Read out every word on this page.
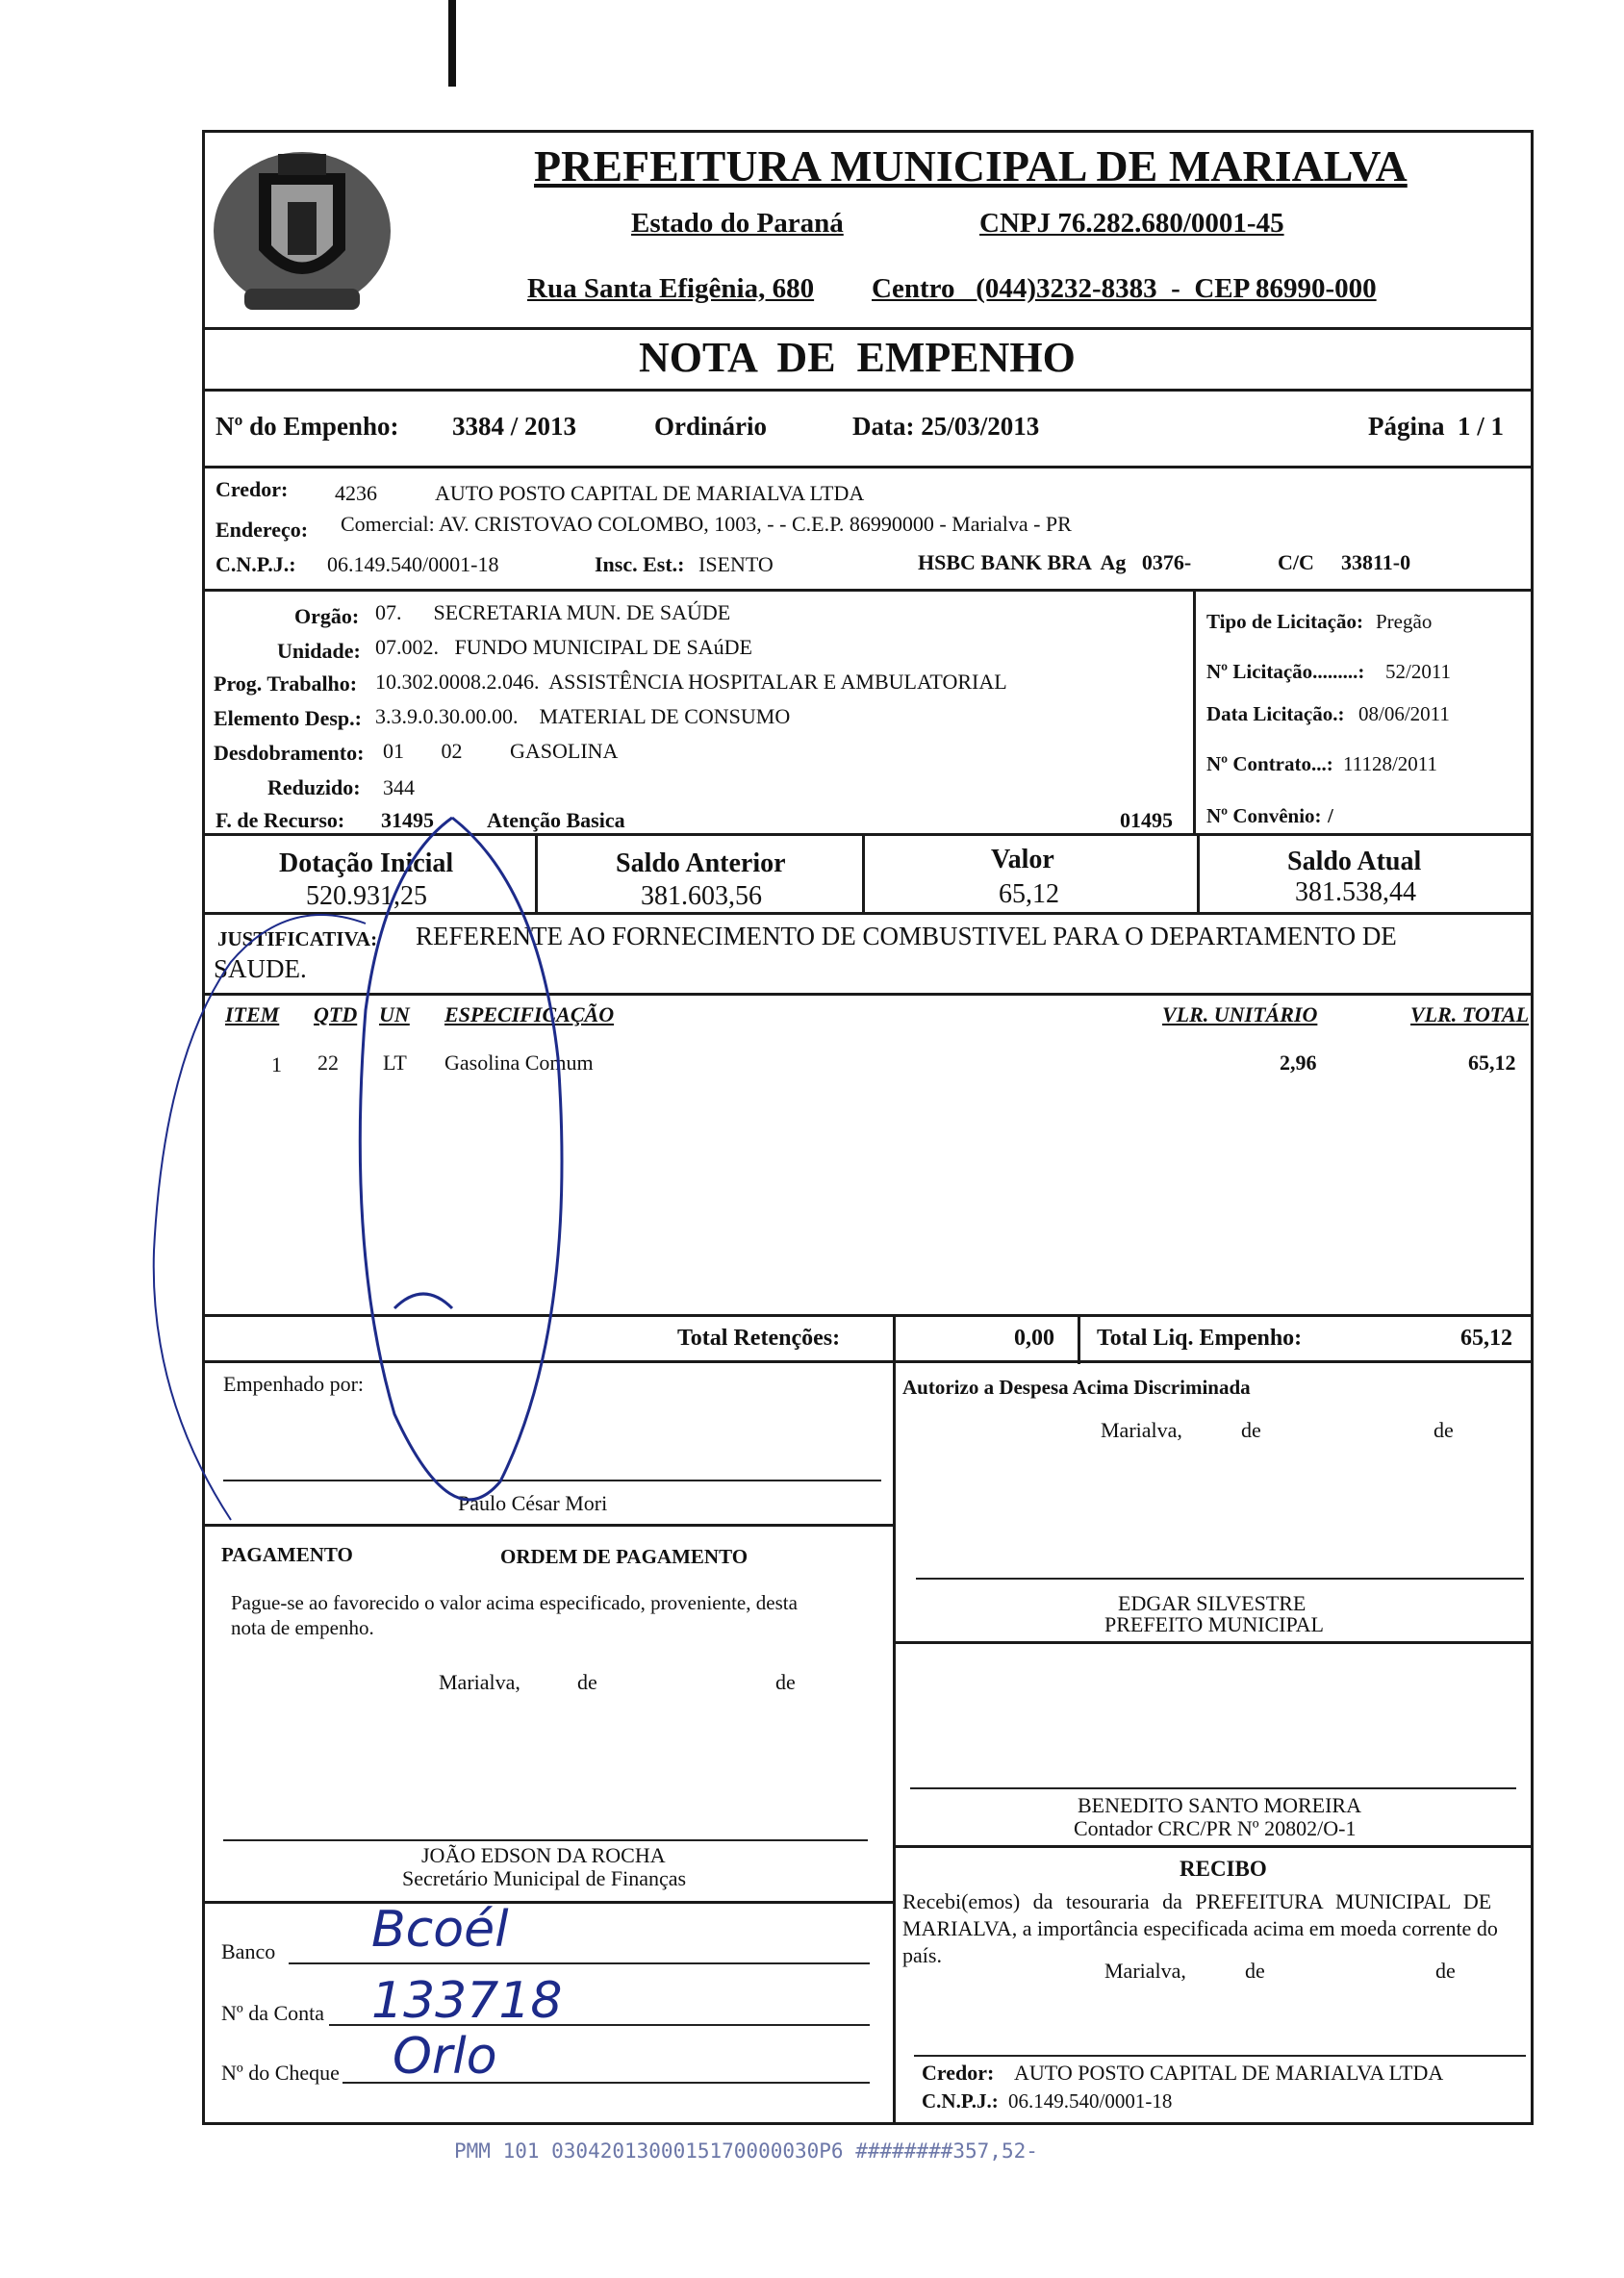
PREFEITURA MUNICIPAL DE MARIALVA
Estado do Paraná	CNPJ 76.282.680/0001-45
Rua Santa Efigênia, 680 Centro   (044)3232-8383  -  CEP 86990-000
NOTA  DE  EMPENHO
Nº do Empenho: 3384 / 2013	Ordinário	Data: 25/03/2013	Página  1 / 1
Credor: 4236	AUTO POSTO CAPITAL DE MARIALVA LTDA
Endereço: Comercial: AV. CRISTOVAO COLOMBO, 1003, - - C.E.P. 86990000 - Marialva - PR
C.N.P.J.: 06.149.540/0001-18	Insc. Est.: ISENTO	HSBC BANK BRA  Ag   0376-	C/C 33811-0
Orgão: 07.      SECRETARIA MUN. DE SAÚDE
Unidade: 07.002.   FUNDO MUNICIPAL DE SAúDE
Prog. Trabalho: 10.302.0008.2.046.  ASSISTÊNCIA HOSPITALAR E AMBULATORIAL
Elemento Desp.: 3.3.9.0.30.00.00.    MATERIAL DE CONSUMO
Desdobramento: 01       02         GASOLINA
Reduzido: 344
F. de Recurso: 31495	Atenção Basica	01495
Tipo de Licitação: Pregão
Nº Licitação.........: 52/2011
Data Licitação.: 08/06/2011
Nº Contrato...: 11128/2011
Nº Convênio: /
Dotação Inicial
520.931,25
Saldo Anterior
381.603,56
Valor
65,12
Saldo Atual
381.538,44
JUSTIFICATIVA: REFERENTE AO FORNECIMENTO DE COMBUSTIVEL PARA O DEPARTAMENTO DE
SAUDE.
ITEM QTD UN ESPECIFICAÇÃO	VLR. UNITÁRIO	VLR. TOTAL
1 22 LT Gasolina Comum	2,96	65,12
Total Retenções:	0,00 Total Liq. Empenho:	65,12
Empenhado por:
Paulo César Mori
Autorizo a Despesa Acima Discriminada
Marialva,	de	de
EDGAR SILVESTRE
PREFEITO MUNICIPAL
PAGAMENTO	ORDEM DE PAGAMENTO
Pague-se ao favorecido o valor acima especificado, proveniente, desta
nota de empenho.
Marialva,	de	de
JOÃO EDSON DA ROCHA
Secretário Municipal de Finanças
BENEDITO SANTO MOREIRA
Contador CRC/PR Nº 20802/O-1
RECIBO
Recebi(emos) da tesouraria da PREFEITURA MUNICIPAL DE
MARIALVA, a importância especificada acima em moeda corrente do
país.
Marialva,	de	de
Credor: AUTO POSTO CAPITAL DE MARIALVA LTDA
C.N.P.J.: 06.149.540/0001-18
Banco Bcoél
Nº da Conta 133718
Nº do Cheque Orlo
PMM 101 0304201300015170000030P6 ########357,52-
